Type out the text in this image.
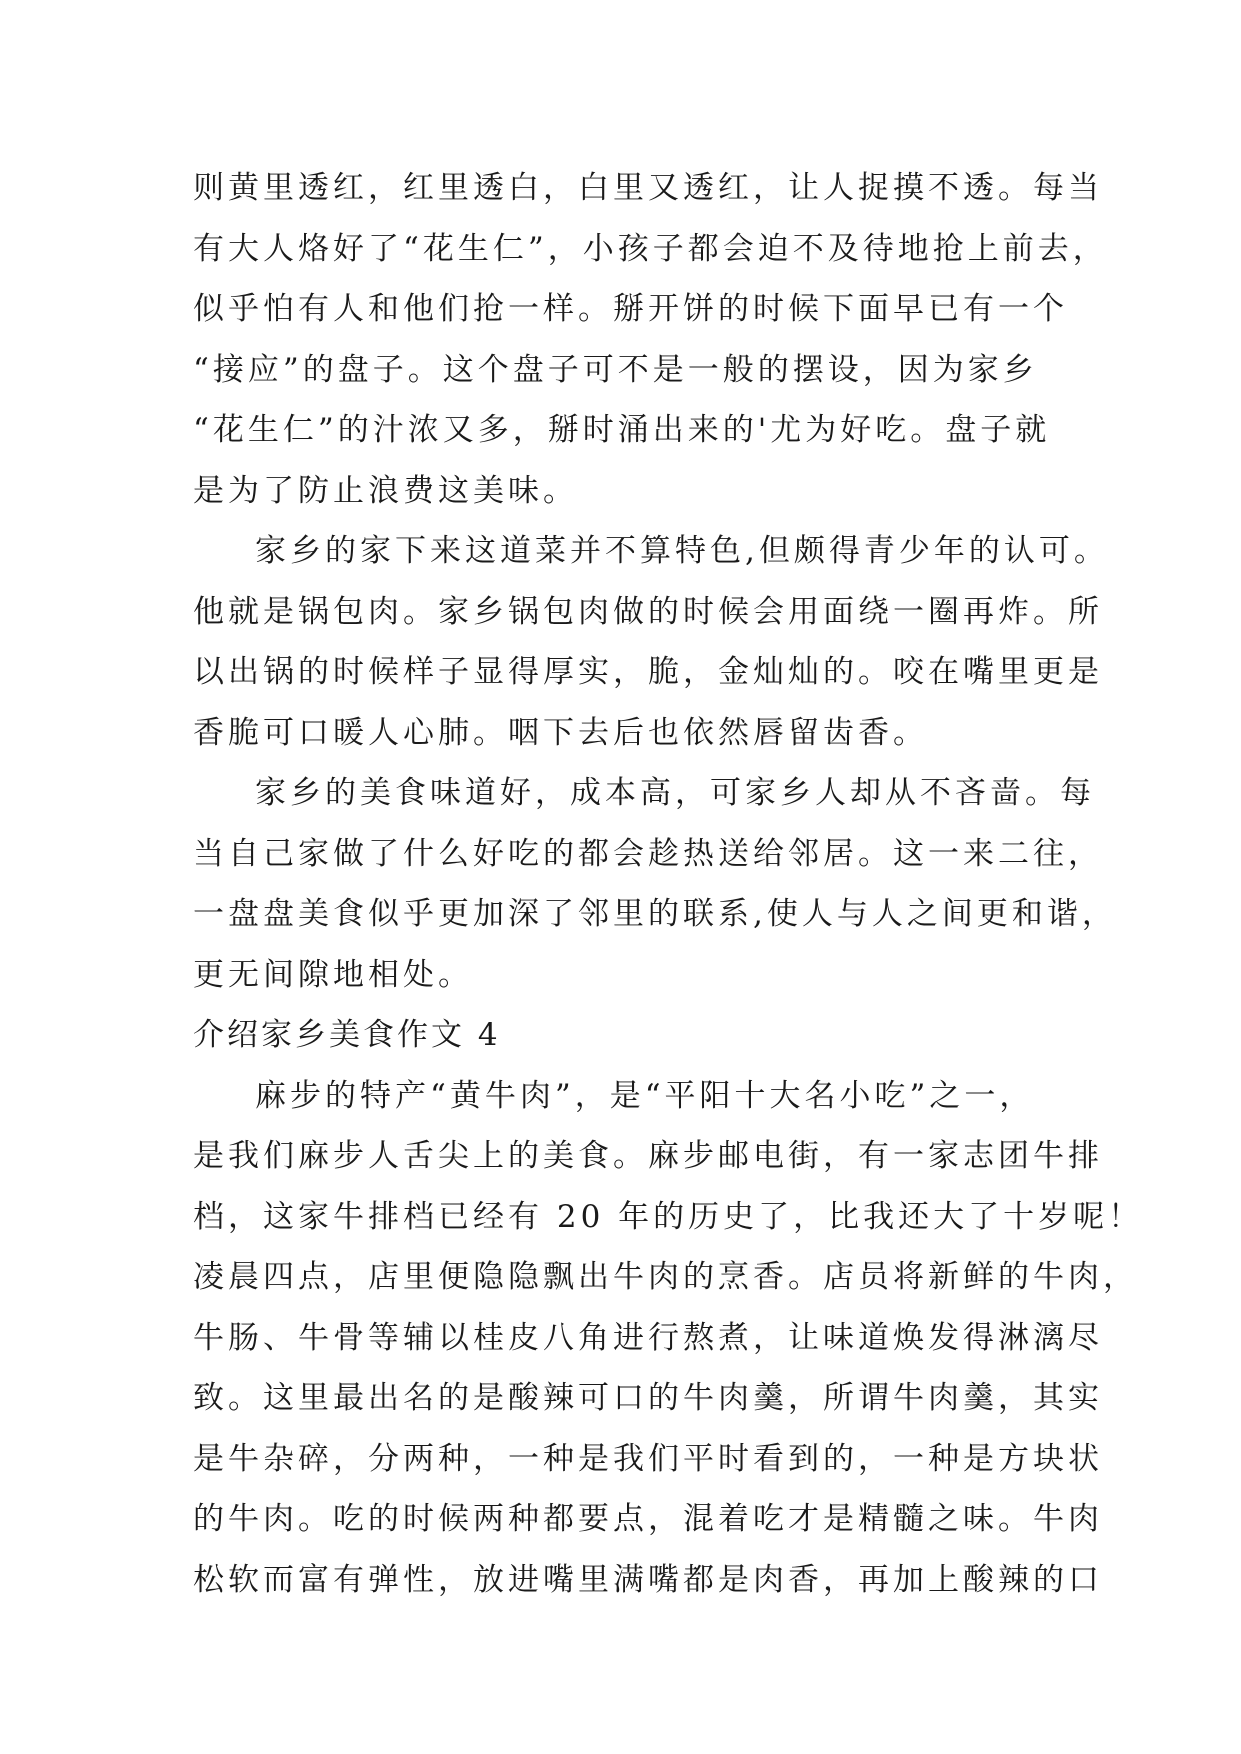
则黄里透红，红里透白，白里又透红，让人捉摸不透。每当
有大人烙好了“花生仁”，小孩子都会迫不及待地抢上前去，
似乎怕有人和他们抢一样。掰开饼的时候下面早已有一个
“接应”的盘子。这个盘子可不是一般的摆设，因为家乡
“花生仁”的汁浓又多，掰时涌出来的'尤为好吃。盘子就
是为了防止浪费这美味。
家乡的家下来这道菜并不算特色,但颇得青少年的认可。
他就是锅包肉。家乡锅包肉做的时候会用面绕一圈再炸。所
以出锅的时候样子显得厚实，脆，金灿灿的。咬在嘴里更是
香脆可口暖人心肺。咽下去后也依然唇留齿香。
家乡的美食味道好，成本高，可家乡人却从不吝啬。每
当自己家做了什么好吃的都会趁热送给邻居。这一来二往，
一盘盘美食似乎更加深了邻里的联系,使人与人之间更和谐，
更无间隙地相处。
介绍家乡美食作文 4
麻步的特产“黄牛肉”，是“平阳十大名小吃”之一，
是我们麻步人舌尖上的美食。麻步邮电街，有一家志团牛排
档，这家牛排档已经有 20 年的历史了，比我还大了十岁呢！
凌晨四点，店里便隐隐飘出牛肉的烹香。店员将新鲜的牛肉，
牛肠、牛骨等辅以桂皮八角进行熬煮，让味道焕发得淋漓尽
致。这里最出名的是酸辣可口的牛肉羹，所谓牛肉羹，其实
是牛杂碎，分两种，一种是我们平时看到的，一种是方块状
的牛肉。吃的时候两种都要点，混着吃才是精髓之味。牛肉
松软而富有弹性，放进嘴里满嘴都是肉香，再加上酸辣的口
